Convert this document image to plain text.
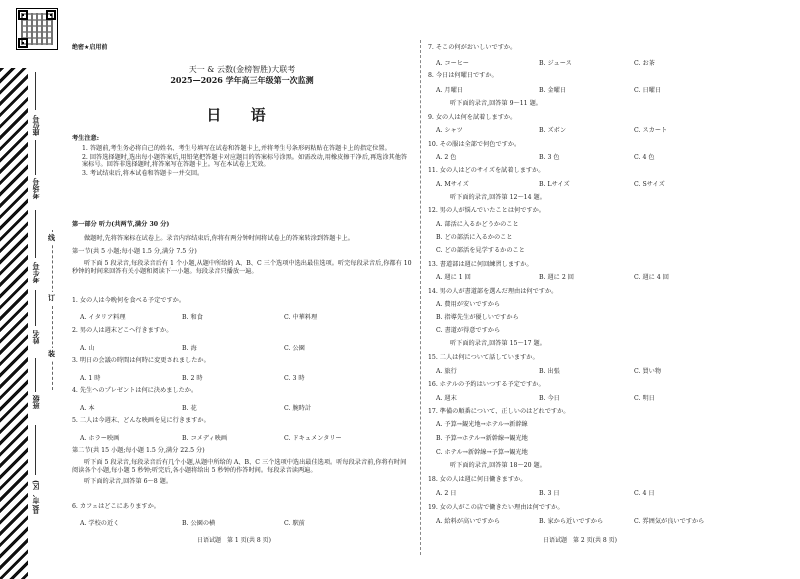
座位号
考场号
考生号
姓名
班级
县(市、区)
线
订
装
绝密★启用前
天一 & 云数(金榜智胜)大联考
2025—2026 学年高三年级第一次监测
日 语
考生注意:
1. 答题前,考生务必将自己的姓名、考生号填写在试卷和答题卡上,并将考生号条形码粘贴在答题卡上的指定位置。
2. 回答选择题时,选出每小题答案后,用铅笔把答题卡对应题目的答案标号涂黑。如需改动,用橡皮擦干净后,再选涂其他答案标号。回答非选择题时,将答案写在答题卡上。写在本试卷上无效。
3. 考试结束后,将本试卷和答题卡一并交回。

第一部分 听力(共两节,满分 30 分)

做题时,先将答案标在试卷上。录音内容结束后,你将有两分钟时间将试卷上的答案转涂到答题卡上。

第一节(共 5 小题;每小题 1.5 分,满分 7.5 分)

听下面 5 段录音,每段录音后有 1 个小题,从题中所给的 A、B、C 三个选项中选出最佳选项。听完每段录音后,你都有 10 秒钟的时间来回答有关小题和阅读下一小题。每段录音只播放一遍。

1. 女の人は今晩何を食べる予定ですか。
A. イタリア料理	B. 和食	C. 中華料理
2. 男の人は週末どこへ行きますか。
A. 山	B. 海	C. 公園
3. 明日の会議の時間は何時に変更されましたか。
A. 1 時	B. 2 時	C. 3 時
4. 先生へのプレゼントは何に決めましたか。
A. 本	B. 花	C. 腕時計
5. 二人は今週末、どんな映画を見に行きますか。
A. ホラー映画	B. コメディ映画	C. ドキュメンタリー

第二节(共 15 小题;每小题 1.5 分,满分 22.5 分)

听下面 5 段录音,每段录音后有几个小题,从题中所给的 A、B、C 三个选项中选出最佳选项。听每段录音前,你将有时间阅读各个小题,每小题 5 秒钟;听完后,各小题将给出 5 秒钟的作答时间。每段录音读两遍。

听下面的录音,回答第 6～8 题。

6. カフェはどこにありますか。
A. 学校の近く	B. 公園の横	C. 駅前
日语试题　第 1 页(共 8 页)
7. そこの何がおいしいですか。
A. コーヒー	B. ジュース	C. お茶
8. 今日は何曜日ですか。
A. 月曜日	B. 金曜日	C. 日曜日
听下面的录音,回答第 9～11 题。
9. 女の人は何を試着しますか。
A. シャツ	B. ズボン	C. スカート
10. その服は全部で何色ですか。
A. 2 色	B. 3 色	C. 4 色
11. 女の人はどのサイズを試着しますか。
A. Mサイズ	B. Lサイズ	C. Sサイズ
听下面的录音,回答第 12～14 题。
12. 男の人が悩んでいたことは何ですか。
A. 部活に入るかどうかのこと
B. どの部活に入るかのこと
C. どの部活を見学するかのこと
13. 書道部は週に何回練習しますか。
A. 週に 1 回	B. 週に 2 回	C. 週に 4 回
14. 男の人が書道部を選んだ理由は何ですか。
A. 費用が安いですから
B. 指導先生が優しいですから
C. 書道が得意ですから
听下面的录音,回答第 15～17 题。
15. 二人は何について話していますか。
A. 旅行	B. 出張	C. 買い物
16. ホテルの予約はいつする予定ですか。
A. 週末	B. 今日	C. 明日
17. 準備の順番について、正しいのはどれですか。
A. 予算→観光地→ホテル→新幹線
B. 予算→ホテル→新幹線→観光地
C. ホテル→新幹線→予算→観光地
听下面的录音,回答第 18～20 题。
18. 女の人は週に何日働きますか。
A. 2 日	B. 3 日	C. 4 日
19. 女の人がこの店で働きたい理由は何ですか。
A. 給料が高いですから	B. 家から近いですから	C. 雰囲気が良いですから
日语试题　第 2 页(共 8 页)
